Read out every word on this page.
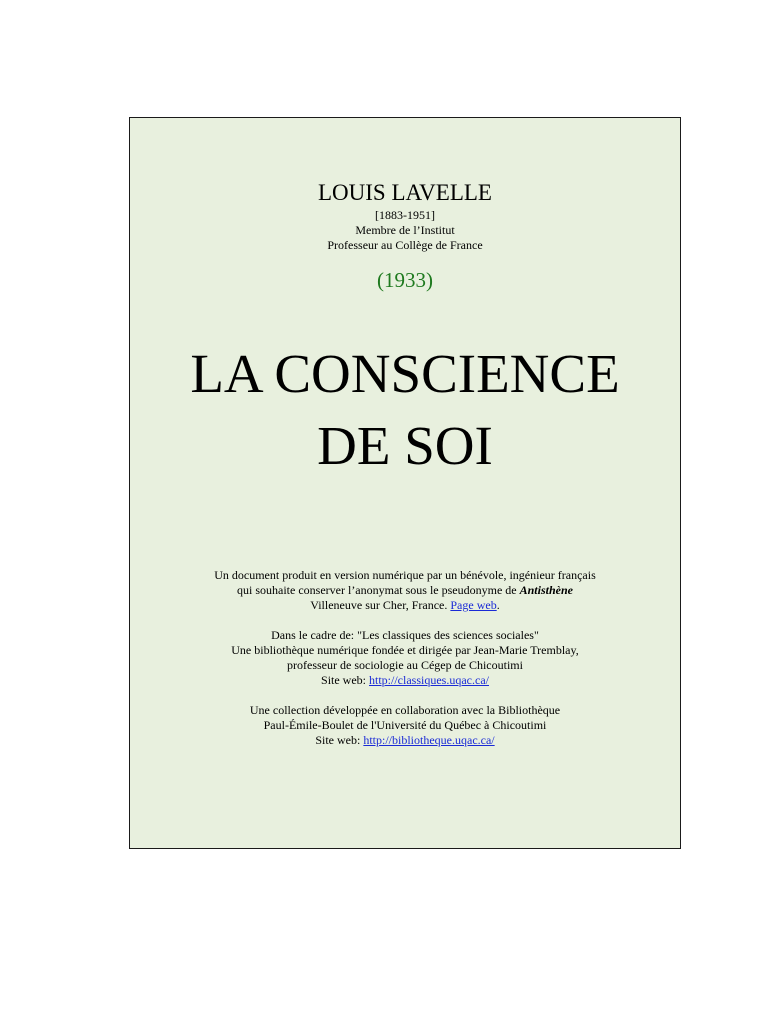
LOUIS LAVELLE
[1883-1951]
Membre de l’Institut
Professeur au Collège de France
(1933)
LA CONSCIENCE
DE SOI
Un document produit en version numérique par un bénévole, ingénieur français
qui souhaite conserver l’anonymat sous le pseudonyme de Antisthène
Villeneuve sur Cher, France. Page web.
Dans le cadre de: "Les classiques des sciences sociales"
Une bibliothèque numérique fondée et dirigée par Jean-Marie Tremblay,
professeur de sociologie au Cégep de Chicoutimi
Site web: http://classiques.uqac.ca/
Une collection développée en collaboration avec la Bibliothèque
Paul-Émile-Boulet de l'Université du Québec à Chicoutimi
Site web: http://bibliotheque.uqac.ca/
